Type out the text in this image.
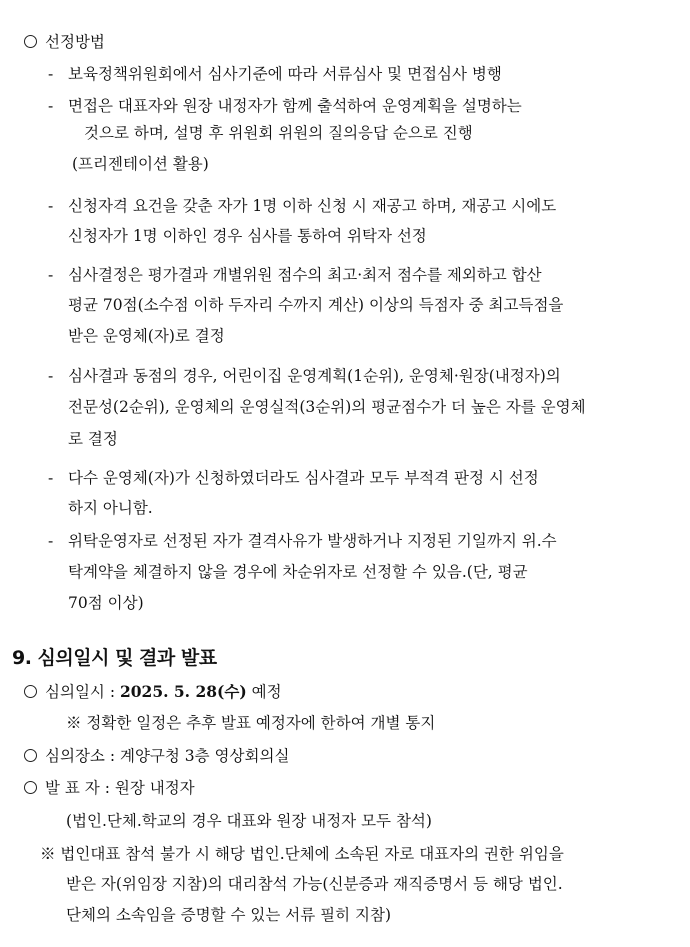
선정방법
- 보육정책위원회에서 심사기준에 따라 서류심사 및 면접심사 병행
- 면접은 대표자와 원장 내정자가 함께 출석하여 운영계획을 설명하는
것으로 하며, 설명 후 위원회 위원의 질의응답 순으로 진행
(프리젠테이션 활용)
- 신청자격 요건을 갖춘 자가 1명 이하 신청 시 재공고 하며, 재공고 시에도
신청자가 1명 이하인 경우 심사를 통하여 위탁자 선정
- 심사결정은 평가결과 개별위원 점수의 최고·최저 점수를 제외하고 합산
평균 70점(소수점 이하 두자리 수까지 계산) 이상의 득점자 중 최고득점을
받은 운영체(자)로 결정
- 심사결과 동점의 경우, 어린이집 운영계획(1순위), 운영체·원장(내정자)의
전문성(2순위), 운영체의 운영실적(3순위)의 평균점수가 더 높은 자를 운영체
로 결정
- 다수 운영체(자)가 신청하였더라도 심사결과 모두 부적격 판정 시 선정
하지 아니함.
- 위탁운영자로 선정된 자가 결격사유가 발생하거나 지정된 기일까지 위.수
탁계약을 체결하지 않을 경우에 차순위자로 선정할 수 있음.(단, 평균
70점 이상)
9. 심의일시 및 결과 발표
심의일시 : 2025. 5. 28(수) 예정
※ 정확한 일정은 추후 발표 예정자에 한하여 개별 통지
심의장소 : 계양구청 3층 영상회의실
발 표 자 : 원장 내정자
(법인.단체.학교의 경우 대표와 원장 내정자 모두 참석)
※ 법인대표 참석 불가 시 해당 법인.단체에 소속된 자로 대표자의 권한 위임을
받은 자(위임장 지참)의 대리참석 가능(신분증과 재직증명서 등 해당 법인.
단체의 소속임을 증명할 수 있는 서류 필히 지참)
